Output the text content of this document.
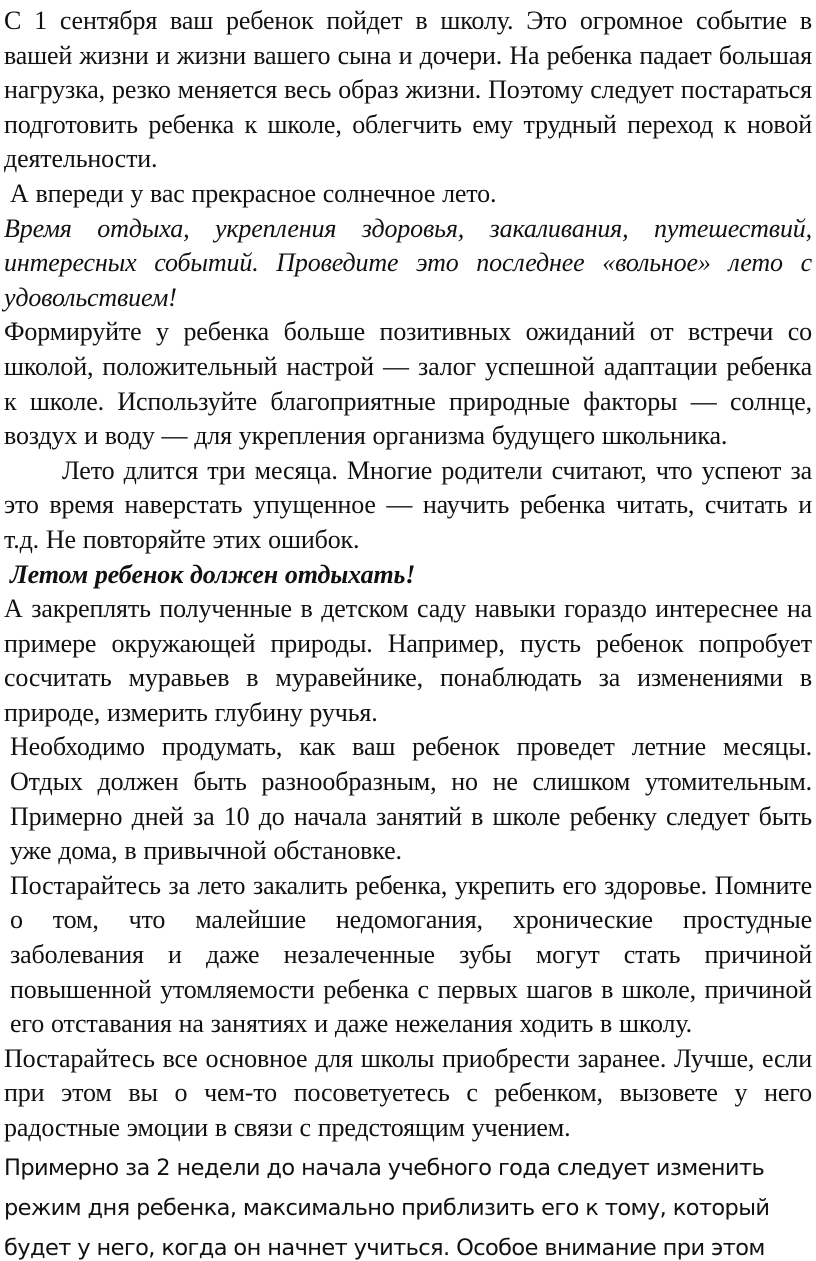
С 1 сентября ваш ребенок пойдет в школу. Это огромное событие в вашей жизни и жизни вашего сына и дочери. На ребенка падает большая нагрузка, резко меняется весь образ жизни. Поэтому следует постараться подготовить ребенка к школе, облегчить ему трудный переход к новой деятельности.

А впереди у вас прекрасное солнечное лето.

Время отдыха, укрепления здоровья, закаливания, путешествий, интересных событий. Проведите это последнее «вольное» лето с удовольствием!

Формируйте у ребенка больше позитивных ожиданий от встречи со школой, положительный настрой — залог успешной адаптации ребенка к школе. Используйте благоприятные природные факторы — солнце, воздух и воду — для укрепления организма будущего школьника.

Лето длится три месяца. Многие родители считают, что успеют за это время наверстать упущенное — научить ребенка читать, считать и т.д. Не повторяйте этих ошибок.

Летом ребенок должен отдыхать!

А закреплять полученные в детском саду навыки гораздо интереснее на примере окружающей природы. Например, пусть ребенок попробует сосчитать муравьев в муравейнике, понаблюдать за изменениями в природе, измерить глубину ручья.

Необходимо продумать, как ваш ребенок проведет летние месяцы. Отдых должен быть разнообразным, но не слишком утомительным. Примерно дней за 10 до начала занятий в школе ребенку следует быть уже дома, в привычной обстановке.

Постарайтесь за лето закалить ребенка, укрепить его здоровье. Помните о том, что малейшие недомогания, хронические простудные заболевания и даже незалеченные зубы могут стать причиной повышенной утомляемости ребенка с первых шагов в школе, причиной его отставания на занятиях и даже нежелания ходить в школу.

Постарайтесь все основное для школы приобрести заранее. Лучше, если при этом вы о чем-то посоветуетесь с ребенком, вызовете у него радостные эмоции в связи с предстоящим учением.

Примерно за 2 недели до начала учебного года следует изменить режим дня ребенка, максимально приблизить его к тому, который будет у него, когда он начнет учиться. Особое внимание при этом
